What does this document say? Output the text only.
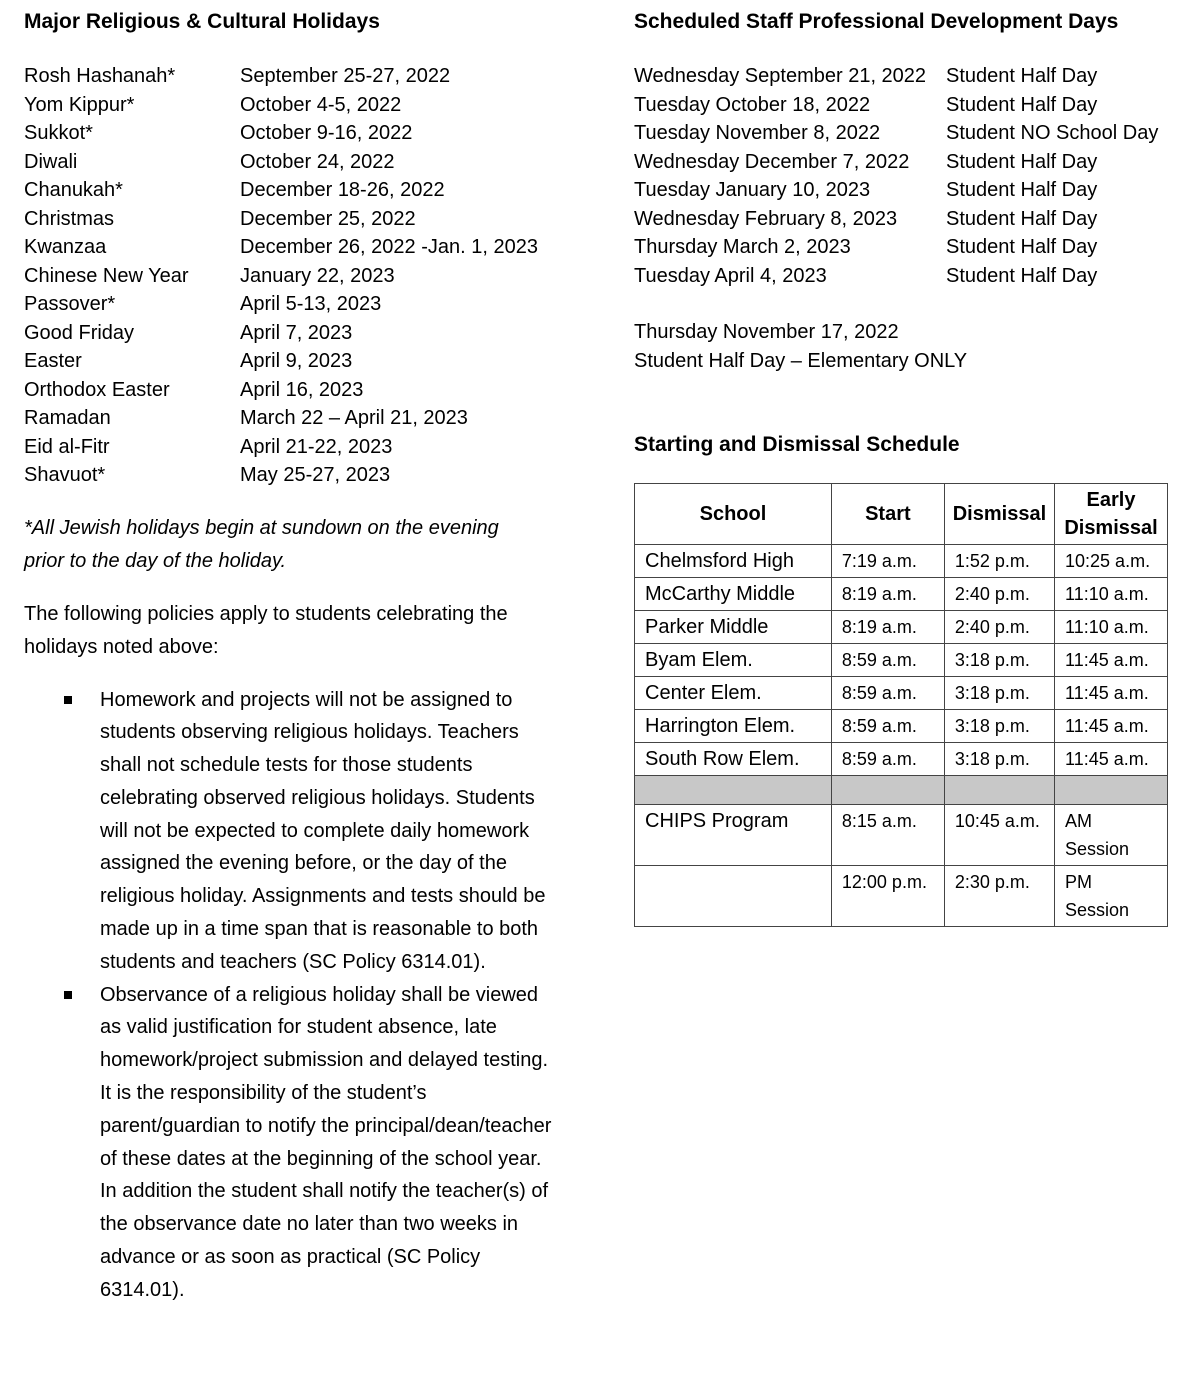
Major Religious & Cultural Holidays
Rosh Hashanah*	September 25-27, 2022
Yom Kippur*	October 4-5, 2022
Sukkot*	October 9-16, 2022
Diwali	October 24, 2022
Chanukah*	December 18-26, 2022
Christmas	December 25, 2022
Kwanzaa	December 26, 2022 -Jan. 1, 2023
Chinese New Year	January 22, 2023
Passover*	April 5-13, 2023
Good Friday	April 7, 2023
Easter	April 9, 2023
Orthodox Easter	April 16, 2023
Ramadan	March 22 – April 21, 2023
Eid al-Fitr	April 21-22, 2023
Shavuot*	May 25-27, 2023
*All Jewish holidays begin at sundown on the evening prior to the day of the holiday.
The following policies apply to students celebrating the holidays noted above:
Homework and projects will not be assigned to students observing religious holidays. Teachers shall not schedule tests for those students celebrating observed religious holidays. Students will not be expected to complete daily homework assigned the evening before, or the day of the religious holiday. Assignments and tests should be made up in a time span that is reasonable to both students and teachers (SC Policy 6314.01).
Observance of a religious holiday shall be viewed as valid justification for student absence, late homework/project submission and delayed testing. It is the responsibility of the student’s parent/guardian to notify the principal/dean/teacher of these dates at the beginning of the school year. In addition the student shall notify the teacher(s) of the observance date no later than two weeks in advance or as soon as practical (SC Policy 6314.01).
Scheduled Staff Professional Development Days
Wednesday September 21, 2022 Student Half Day
Tuesday October 18, 2022	Student Half Day
Tuesday November 8, 2022	Student NO School Day
Wednesday December 7, 2022	Student Half Day
Tuesday January 10, 2023	Student Half Day
Wednesday February 8, 2023	Student Half Day
Thursday March 2, 2023	Student Half Day
Tuesday April 4, 2023	Student Half Day
Thursday November 17, 2022
Student Half Day – Elementary ONLY
Starting and Dismissal Schedule
School	Start	Dismissal	Early Dismissal
Chelmsford High	7:19 a.m.	1:52 p.m.	10:25 a.m.
McCarthy Middle	8:19 a.m.	2:40 p.m.	11:10 a.m.
Parker Middle	8:19 a.m.	2:40 p.m.	11:10 a.m.
Byam Elem.	8:59 a.m.	3:18 p.m.	11:45 a.m.
Center Elem.	8:59 a.m.	3:18 p.m.	11:45 a.m.
Harrington Elem.	8:59 a.m.	3:18 p.m.	11:45 a.m.
South Row Elem.	8:59 a.m.	3:18 p.m.	11:45 a.m.

CHIPS Program	8:15 a.m.	10:45 a.m.	AM Session
	12:00 p.m.	2:30 p.m.	PM Session
